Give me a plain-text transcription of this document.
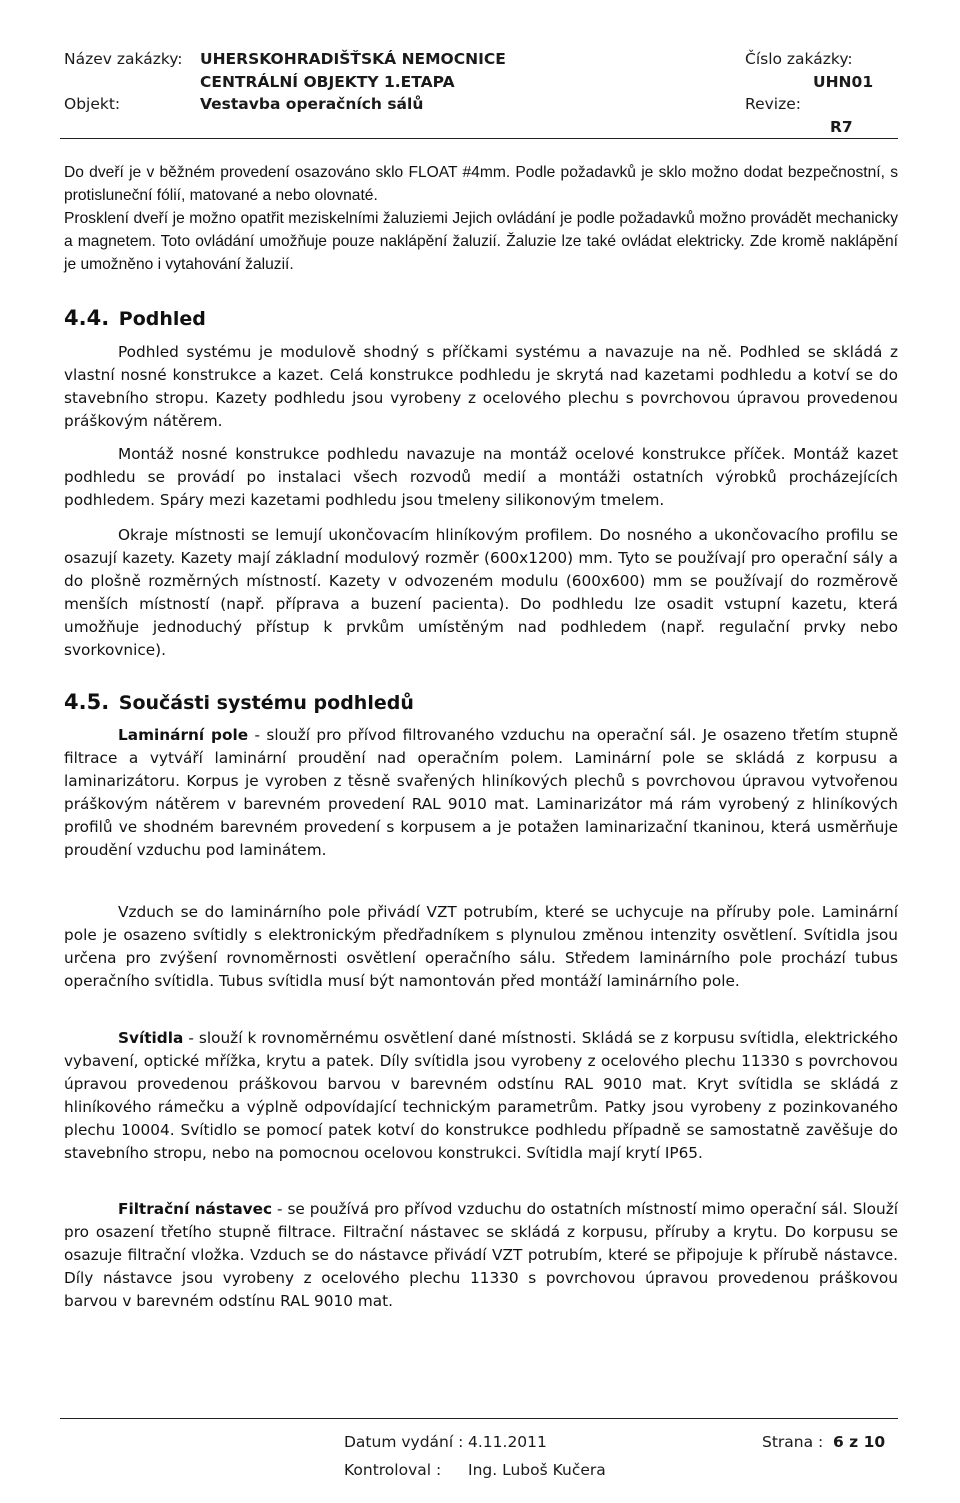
Název zakázky: UHERSKOHRADIŠŤSKÁ NEMOCNICE
CENTRÁLNÍ OBJEKTY 1.ETAPA
Číslo zakázky:
UHN01
Objekt:	Vestavba operačních sálů	Revize:
R7

Do dveří je v běžném provedení osazováno sklo FLOAT #4mm. Podle požadavků je sklo možno dodat bezpečnostní, s protisluneční fólií, matované a nebo olovnaté.

Prosklení dveří je možno opatřit meziskelními žaluziemi Jejich ovládání je podle požadavků možno provádět mechanicky a magnetem. Toto ovládání umožňuje pouze naklápění žaluzií. Žaluzie lze také ovládat elektricky. Zde kromě naklápění je umožněno i vytahování žaluzií.

4.4. Podhled

Podhled systému je modulově shodný s příčkami systému a navazuje na ně. Podhled se skládá z vlastní nosné konstrukce a kazet. Celá konstrukce podhledu je skrytá nad kazetami podhledu a kotví se do stavebního stropu. Kazety podhledu jsou vyrobeny z ocelového plechu s povrchovou úpravou provedenou práškovým nátěrem.

Montáž nosné konstrukce podhledu navazuje na montáž ocelové konstrukce příček. Montáž kazet podhledu se provádí po instalaci všech rozvodů medií a montáži ostatních výrobků procházejících podhledem. Spáry mezi kazetami podhledu jsou tmeleny silikonovým tmelem.

Okraje místnosti se lemují ukončovacím hliníkovým profilem. Do nosného a ukončovacího profilu se osazují kazety. Kazety mají základní modulový rozměr (600x1200) mm. Tyto se používají pro operační sály a do plošně rozměrných místností. Kazety v odvozeném modulu (600x600) mm se používají do rozměrově menších místností (např. příprava a buzení pacienta). Do podhledu lze osadit vstupní kazetu, která umožňuje jednoduchý přístup k prvkům umístěným nad podhledem (např. regulační prvky nebo svorkovnice).

4.5. Součásti systému podhledů

Laminární pole - slouží pro přívod filtrovaného vzduchu na operační sál. Je osazeno třetím stupně filtrace a vytváří laminární proudění nad operačním polem. Laminární pole se skládá z korpusu a laminarizátoru. Korpus je vyroben z těsně svařených hliníkových plechů s povrchovou úpravou vytvořenou práškovým nátěrem v barevném provedení RAL 9010 mat. Laminarizátor má rám vyrobený z hliníkových profilů ve shodném barevném provedení s korpusem a je potažen laminarizační tkaninou, která usměrňuje proudění vzduchu pod laminátem.

Vzduch se do laminárního pole přivádí VZT potrubím, které se uchycuje na příruby pole. Laminární pole je osazeno svítidly s elektronickým předřadníkem s plynulou změnou intenzity osvětlení. Svítidla jsou určena pro zvýšení rovnoměrnosti osvětlení operačního sálu. Středem laminárního pole prochází tubus operačního svítidla. Tubus svítidla musí být namontován před montáží laminárního pole.

Svítidla - slouží k rovnoměrnému osvětlení dané místnosti. Skládá se z korpusu svítidla, elektrického vybavení, optické mřížka, krytu a patek. Díly svítidla jsou vyrobeny z ocelového plechu 11330 s povrchovou úpravou provedenou práškovou barvou v barevném odstínu RAL 9010 mat. Kryt svítidla se skládá z hliníkového rámečku a výplně odpovídající technickým parametrům. Patky jsou vyrobeny z pozinkovaného plechu 10004. Svítidlo se pomocí patek kotví do konstrukce podhledu případně se samostatně zavěšuje do stavebního stropu, nebo na pomocnou ocelovou konstrukci. Svítidla mají krytí IP65.

Filtrační nástavec - se používá pro přívod vzduchu do ostatních místností mimo operační sál. Slouží pro osazení třetího stupně filtrace. Filtrační nástavec se skládá z korpusu, příruby a krytu. Do korpusu se osazuje filtrační vložka. Vzduch se do nástavce přivádí VZT potrubím, které se připojuje k přírubě nástavce. Díly nástavce jsou vyrobeny z ocelového plechu 11330 s povrchovou úpravou provedenou práškovou barvou v barevném odstínu RAL 9010 mat.

Datum vydání : 4.11.2011	Strana : 6 z 10
Kontroloval : Ing. Luboš Kučera
